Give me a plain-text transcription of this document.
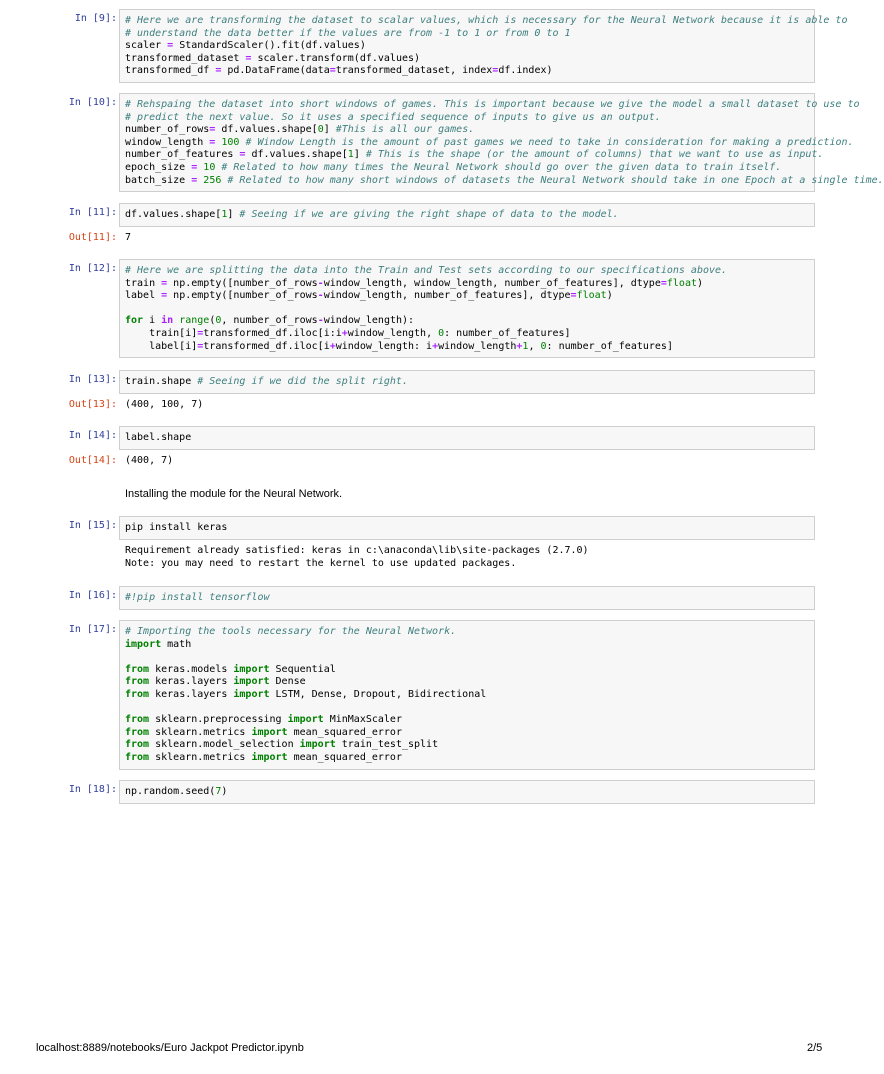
In [9]: # Here we are transforming the dataset to scalar values, which is necessary for the Neural Network because it is able to
# understand the data better if the values are from -1 to 1 or from 0 to 1
scaler = StandardScaler().fit(df.values)
transformed_dataset = scaler.transform(df.values)
transformed_df = pd.DataFrame(data=transformed_dataset, index=df.index)
In [10]: # Rehspaing the dataset into short windows of games. This is important because we give the model a small dataset to use to
# predict the next value. So it uses a specified sequence of inputs to give us an output.
number_of_rows= df.values.shape[0] #This is all our games.
window_length = 100 # Window Length is the amount of past games we need to take in consideration for making a prediction.
number_of_features = df.values.shape[1] # This is the shape (or the amount of columns) that we want to use as input.
epoch_size = 10 # Related to how many times the Neural Network should go over the given data to train itself.
batch_size = 256 # Related to how many short windows of datasets the Neural Network should take in one Epoch at a single time.
In [11]: df.values.shape[1] # Seeing if we are giving the right shape of data to the model.
Out[11]: 7
In [12]: # Here we are splitting the data into the Train and Test sets according to our specifications above.
train = np.empty([number_of_rows-window_length, window_length, number_of_features], dtype=float)
label = np.empty([number_of_rows-window_length, number_of_features], dtype=float)

for i in range(0, number_of_rows-window_length):
train[i]=transformed_df.iloc[i:i+window_length, 0: number_of_features]
label[i]=transformed_df.iloc[i+window_length: i+window_length+1, 0: number_of_features]
In [13]: train.shape # Seeing if we did the split right.
Out[13]: (400, 100, 7)
In [14]: label.shape
Out[14]: (400, 7)
Installing the module for the Neural Network.
In [15]: pip install keras
Requirement already satisfied: keras in c:\anaconda\lib\site-packages (2.7.0)
Note: you may need to restart the kernel to use updated packages.
In [16]: #!pip install tensorflow
In [17]: # Importing the tools necessary for the Neural Network.
import math

from keras.models import Sequential
from keras.layers import Dense
from keras.layers import LSTM, Dense, Dropout, Bidirectional

from sklearn.preprocessing import MinMaxScaler
from sklearn.metrics import mean_squared_error
from sklearn.model_selection import train_test_split
from sklearn.metrics import mean_squared_error
In [18]: np.random.seed(7)
localhost:8889/notebooks/Euro Jackpot Predictor.ipynb	2/5
